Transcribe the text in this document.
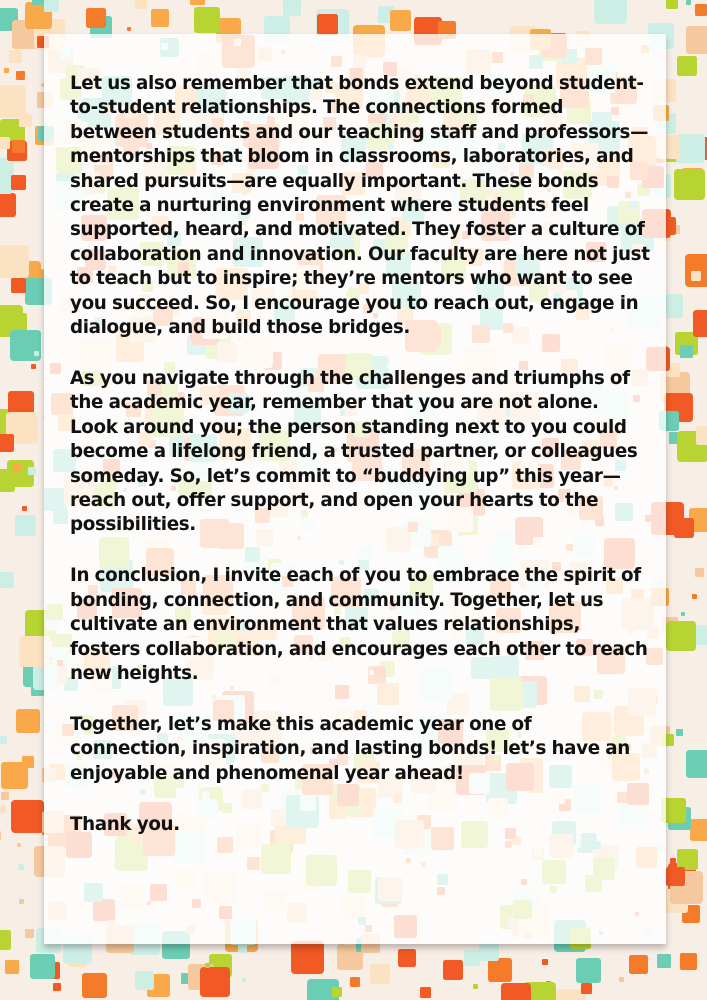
Let us also remember that bonds extend beyond student-to-student relationships. The connections formed between students and our teaching staff and professors—mentorships that bloom in classrooms, laboratories, and shared pursuits—are equally important. These bonds create a nurturing environment where students feel supported, heard, and motivated. They foster a culture of collaboration and innovation. Our faculty are here not just to teach but to inspire; they’re mentors who want to see you succeed. So, I encourage you to reach out, engage in dialogue, and build those bridges.

As you navigate through the challenges and triumphs of the academic year, remember that you are not alone. Look around you; the person standing next to you could become a lifelong friend, a trusted partner, or colleagues someday. So, let’s commit to “buddying up” this year—reach out, offer support, and open your hearts to the possibilities.

In conclusion, I invite each of you to embrace the spirit of bonding, connection, and community. Together, let us cultivate an environment that values relationships, fosters collaboration, and encourages each other to reach new heights.

Together, let’s make this academic year one of connection, inspiration, and lasting bonds! let’s have an enjoyable and phenomenal year ahead!

Thank you.
